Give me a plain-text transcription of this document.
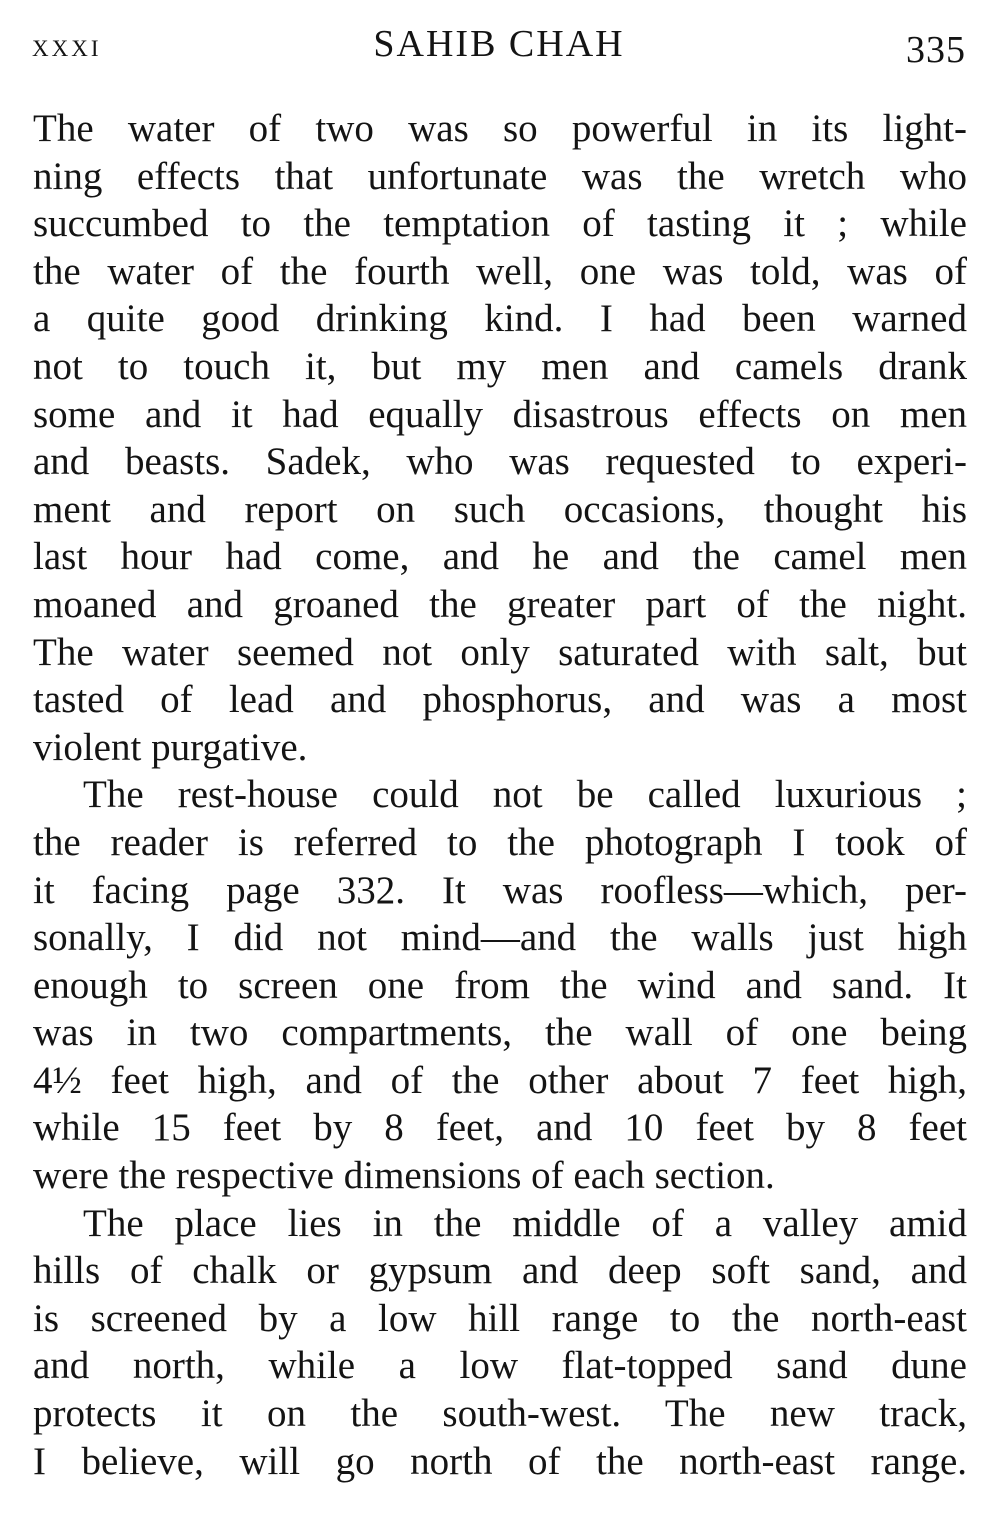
xxxi	SAHIB CHAH	335
The water of two was so powerful in its light-
ning effects that unfortunate was the wretch who
succumbed to the temptation of tasting it ; while
the water of the fourth well, one was told, was of
a quite good drinking kind. I had been warned
not to touch it, but my men and camels drank
some and it had equally disastrous effects on men
and beasts. Sadek, who was requested to experi-
ment and report on such occasions, thought his
last hour had come, and he and the camel men
moaned and groaned the greater part of the night.
The water seemed not only saturated with salt, but
tasted of lead and phosphorus, and was a most
violent purgative.
The rest-house could not be called luxurious ;
the reader is referred to the photograph I took of
it facing page 332. It was roofless—which, per-
sonally, I did not mind—and the walls just high
enough to screen one from the wind and sand. It
was in two compartments, the wall of one being
4½ feet high, and of the other about 7 feet high,
while 15 feet by 8 feet, and 10 feet by 8 feet
were the respective dimensions of each section.
The place lies in the middle of a valley amid
hills of chalk or gypsum and deep soft sand, and
is screened by a low hill range to the north-east
and north, while a low flat-topped sand dune
protects it on the south-west. The new track,
I believe, will go north of the north-east range.
